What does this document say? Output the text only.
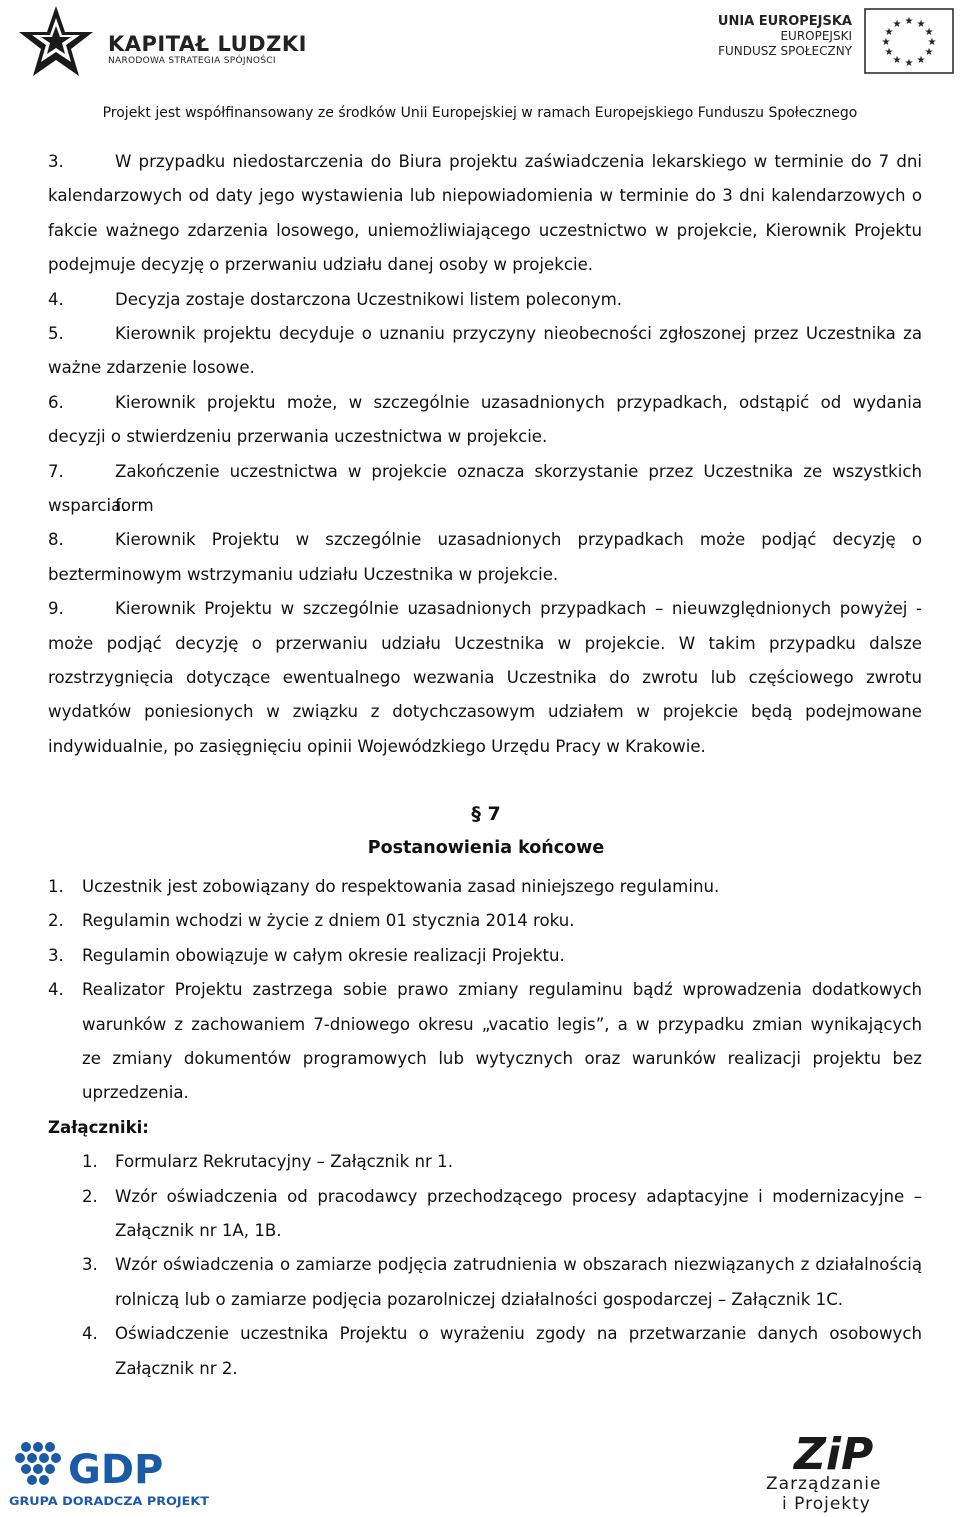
KAPITAŁ LUDZKI
NARODOWA STRATEGIA SPÓJNOŚCI
UNIA EUROPEJSKA
EUROPEJSKI
FUNDUSZ SPOŁECZNY
★ ★
★
★
★
★
★
★
★
★
★
★
Projekt jest współfinansowany ze środków Unii Europejskiej w ramach Europejskiego Funduszu Społecznego
3.	W przypadku niedostarczenia do Biura projektu zaświadczenia lekarskiego w terminie do 7 dni
kalendarzowych od daty jego wystawienia lub niepowiadomienia w terminie do 3 dni kalendarzowych o
fakcie ważnego zdarzenia losowego, uniemożliwiającego uczestnictwo w projekcie, Kierownik Projektu
podejmuje decyzję o przerwaniu udziału danej osoby w projekcie.
4.	Decyzja zostaje dostarczona Uczestnikowi listem poleconym.
5.	Kierownik projektu decyduje o uznaniu przyczyny nieobecności zgłoszonej przez Uczestnika za
ważne zdarzenie losowe.
6.	Kierownik projektu może, w szczególnie uzasadnionych przypadkach, odstąpić od wydania
decyzji o stwierdzeniu przerwania uczestnictwa w projekcie.
7.	Zakończenie uczestnictwa w projekcie oznacza skorzystanie przez Uczestnika ze wszystkich form
wsparcia.
8.	Kierownik Projektu w szczególnie uzasadnionych przypadkach może podjąć decyzję o
bezterminowym wstrzymaniu udziału Uczestnika w projekcie.
9.	Kierownik Projektu w szczególnie uzasadnionych przypadkach – nieuwzględnionych powyżej -
może podjąć decyzję o przerwaniu udziału Uczestnika w projekcie. W takim przypadku dalsze
rozstrzygnięcia dotyczące ewentualnego wezwania Uczestnika do zwrotu lub częściowego zwrotu
wydatków poniesionych w związku z dotychczasowym udziałem w projekcie będą podejmowane
indywidualnie, po zasięgnięciu opinii Wojewódzkiego Urzędu Pracy w Krakowie.
1. Uczestnik jest zobowiązany do respektowania zasad niniejszego regulaminu.
2. Regulamin wchodzi w życie z dniem 01 stycznia 2014 roku.
3. Regulamin obowiązuje w całym okresie realizacji Projektu.
4. Realizator Projektu zastrzega sobie prawo zmiany regulaminu bądź wprowadzenia dodatkowych
warunków z zachowaniem 7-dniowego okresu „vacatio legis”, a w przypadku zmian wynikających
ze zmiany dokumentów programowych lub wytycznych oraz warunków realizacji projektu bez
uprzedzenia.
Załączniki:
1. Formularz Rekrutacyjny – Załącznik nr 1.
2. Wzór oświadczenia od pracodawcy przechodzącego procesy adaptacyjne i modernizacyjne –
Załącznik nr 1A, 1B.
3. Wzór oświadczenia o zamiarze podjęcia zatrudnienia w obszarach niezwiązanych z działalnością
rolniczą lub o zamiarze podjęcia pozarolniczej działalności gospodarczej – Załącznik 1C.
4. Oświadczenie uczestnika Projektu o wyrażeniu zgody na przetwarzanie danych osobowych
Załącznik nr 2.
§ 7
Postanowienia końcowe
GDP
GRUPA DORADCZA PROJEKT
ZiP
Zarządzanie
i Projekty
